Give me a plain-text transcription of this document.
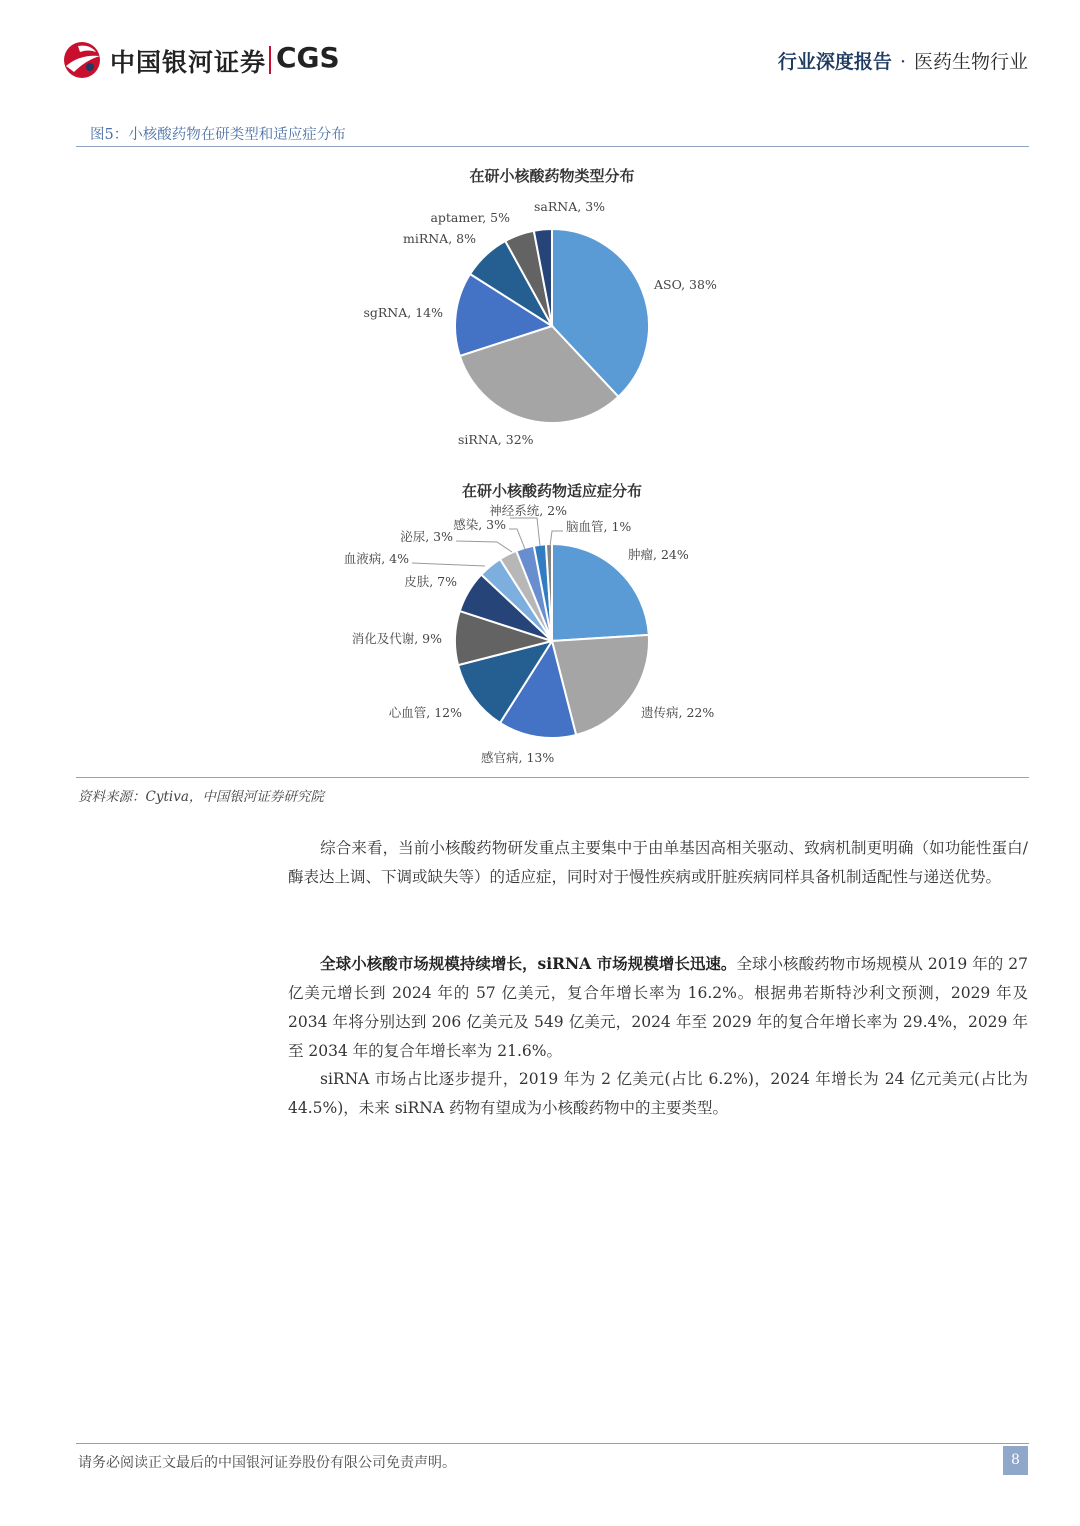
中国银河证券 CGS	行业深度报告 · 医药生物行业
图5：小核酸药物在研类型和适应症分布
在研小核酸药物类型分布
ASO, 38%
siRNA, 32%
sgRNA, 14%
miRNA, 8%
aptamer, 5%
saRNA, 3%
在研小核酸药物适应症分布
肿瘤, 24%
遗传病, 22%
感官病, 13%
心血管, 12%
消化及代谢, 9%
皮肤, 7%
血液病, 4%
泌尿, 3%
感染, 3%
神经系统, 2%
脑血管, 1%
资料来源：Cytiva，中国银河证券研究院

综合来看，当前小核酸药物研发重点主要集中于由单基因高相关驱动、致病机制更明确（如功能性蛋白/酶表达上调、下调或缺失等）的适应症，同时对于慢性疾病或肝脏疾病同样具备机制适配性与递送优势。

全球小核酸市场规模持续增长，siRNA 市场规模增长迅速。全球小核酸药物市场规模从 2019 年的 27 亿美元增长到 2024 年的 57 亿美元，复合年增长率为 16.2%。根据弗若斯特沙利文预测，2029 年及 2034 年将分别达到 206 亿美元及 549 亿美元，2024 年至 2029 年的复合年增长率为 29.4%，2029 年至 2034 年的复合年增长率为 21.6%。

siRNA 市场占比逐步提升，2019 年为 2 亿美元(占比 6.2%)，2024 年增长为 24 亿元美元(占比为 44.5%)，未来 siRNA 药物有望成为小核酸药物中的主要类型。

请务必阅读正文最后的中国银河证券股份有限公司免责声明。	8
